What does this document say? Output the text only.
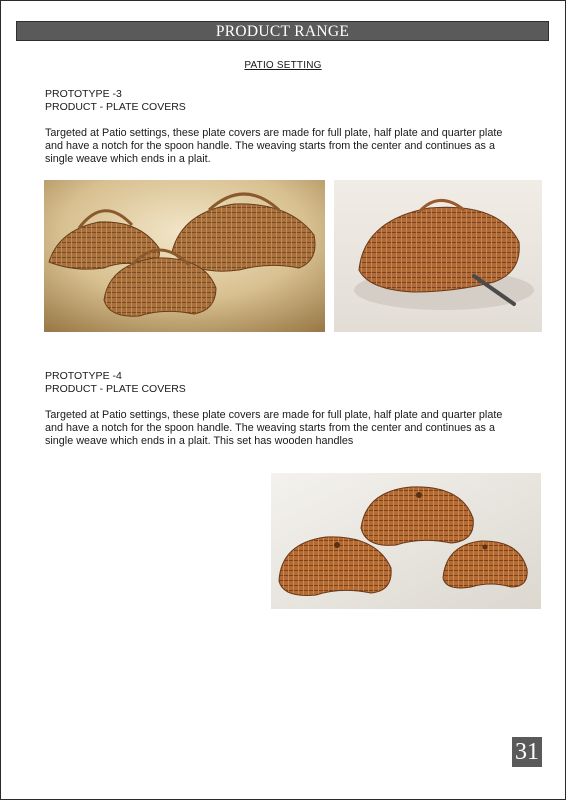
PRODUCT RANGE
PATIO SETTING
PROTOTYPE -3
PRODUCT - PLATE COVERS
Targeted at Patio settings, these plate covers are made for full plate, half plate and quarter plate
and have a notch for the spoon handle. The weaving starts from the center and continues as a
single weave which ends in a plait.
PROTOTYPE -4
PRODUCT - PLATE COVERS
Targeted at Patio settings, these plate covers are made for full plate, half plate and quarter plate
and have a notch for the spoon handle. The weaving starts from the center and continues as a
single weave which ends in a plait. This set has wooden handles
31
